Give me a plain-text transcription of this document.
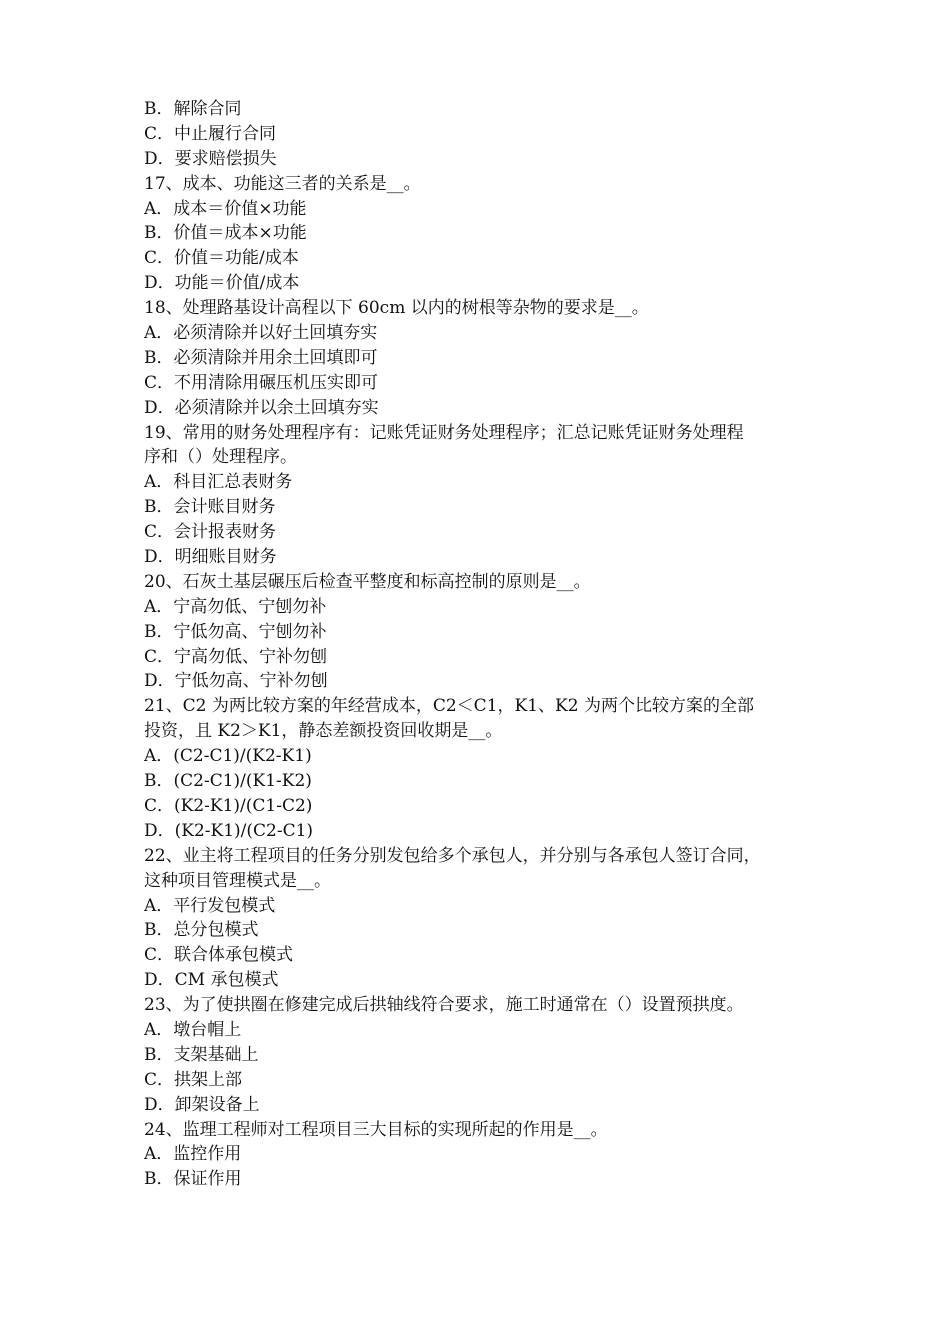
B．解除合同
C．中止履行合同
D．要求赔偿损失
17、成本、功能这三者的关系是__。
A．成本＝价值×功能
B．价值＝成本×功能
C．价值＝功能/成本
D．功能＝价值/成本
18、处理路基设计高程以下 60cm 以内的树根等杂物的要求是__。
A．必须清除并以好土回填夯实
B．必须清除并用余土回填即可
C．不用清除用碾压机压实即可
D．必须清除并以余土回填夯实
19、常用的财务处理程序有：记账凭证财务处理程序；汇总记账凭证财务处理程
序和（）处理程序。
A．科目汇总表财务
B．会计账目财务
C．会计报表财务
D．明细账目财务
20、石灰土基层碾压后检查平整度和标高控制的原则是__。
A．宁高勿低、宁刨勿补
B．宁低勿高、宁刨勿补
C．宁高勿低、宁补勿刨
D．宁低勿高、宁补勿刨
21、C2 为两比较方案的年经营成本，C2＜C1，K1、K2 为两个比较方案的全部
投资，且 K2＞K1，静态差额投资回收期是__。
A．(C2-C1)/(K2-K1)
B．(C2-C1)/(K1-K2)
C．(K2-K1)/(C1-C2)
D．(K2-K1)/(C2-C1)
22、业主将工程项目的任务分别发包给多个承包人，并分别与各承包人签订合同，
这种项目管理模式是__。
A．平行发包模式
B．总分包模式
C．联合体承包模式
D．CM 承包模式
23、为了使拱圈在修建完成后拱轴线符合要求，施工时通常在（）设置预拱度。
A．墩台帽上
B．支架基础上
C．拱架上部
D．卸架设备上
24、监理工程师对工程项目三大目标的实现所起的作用是__。
A．监控作用
B．保证作用
